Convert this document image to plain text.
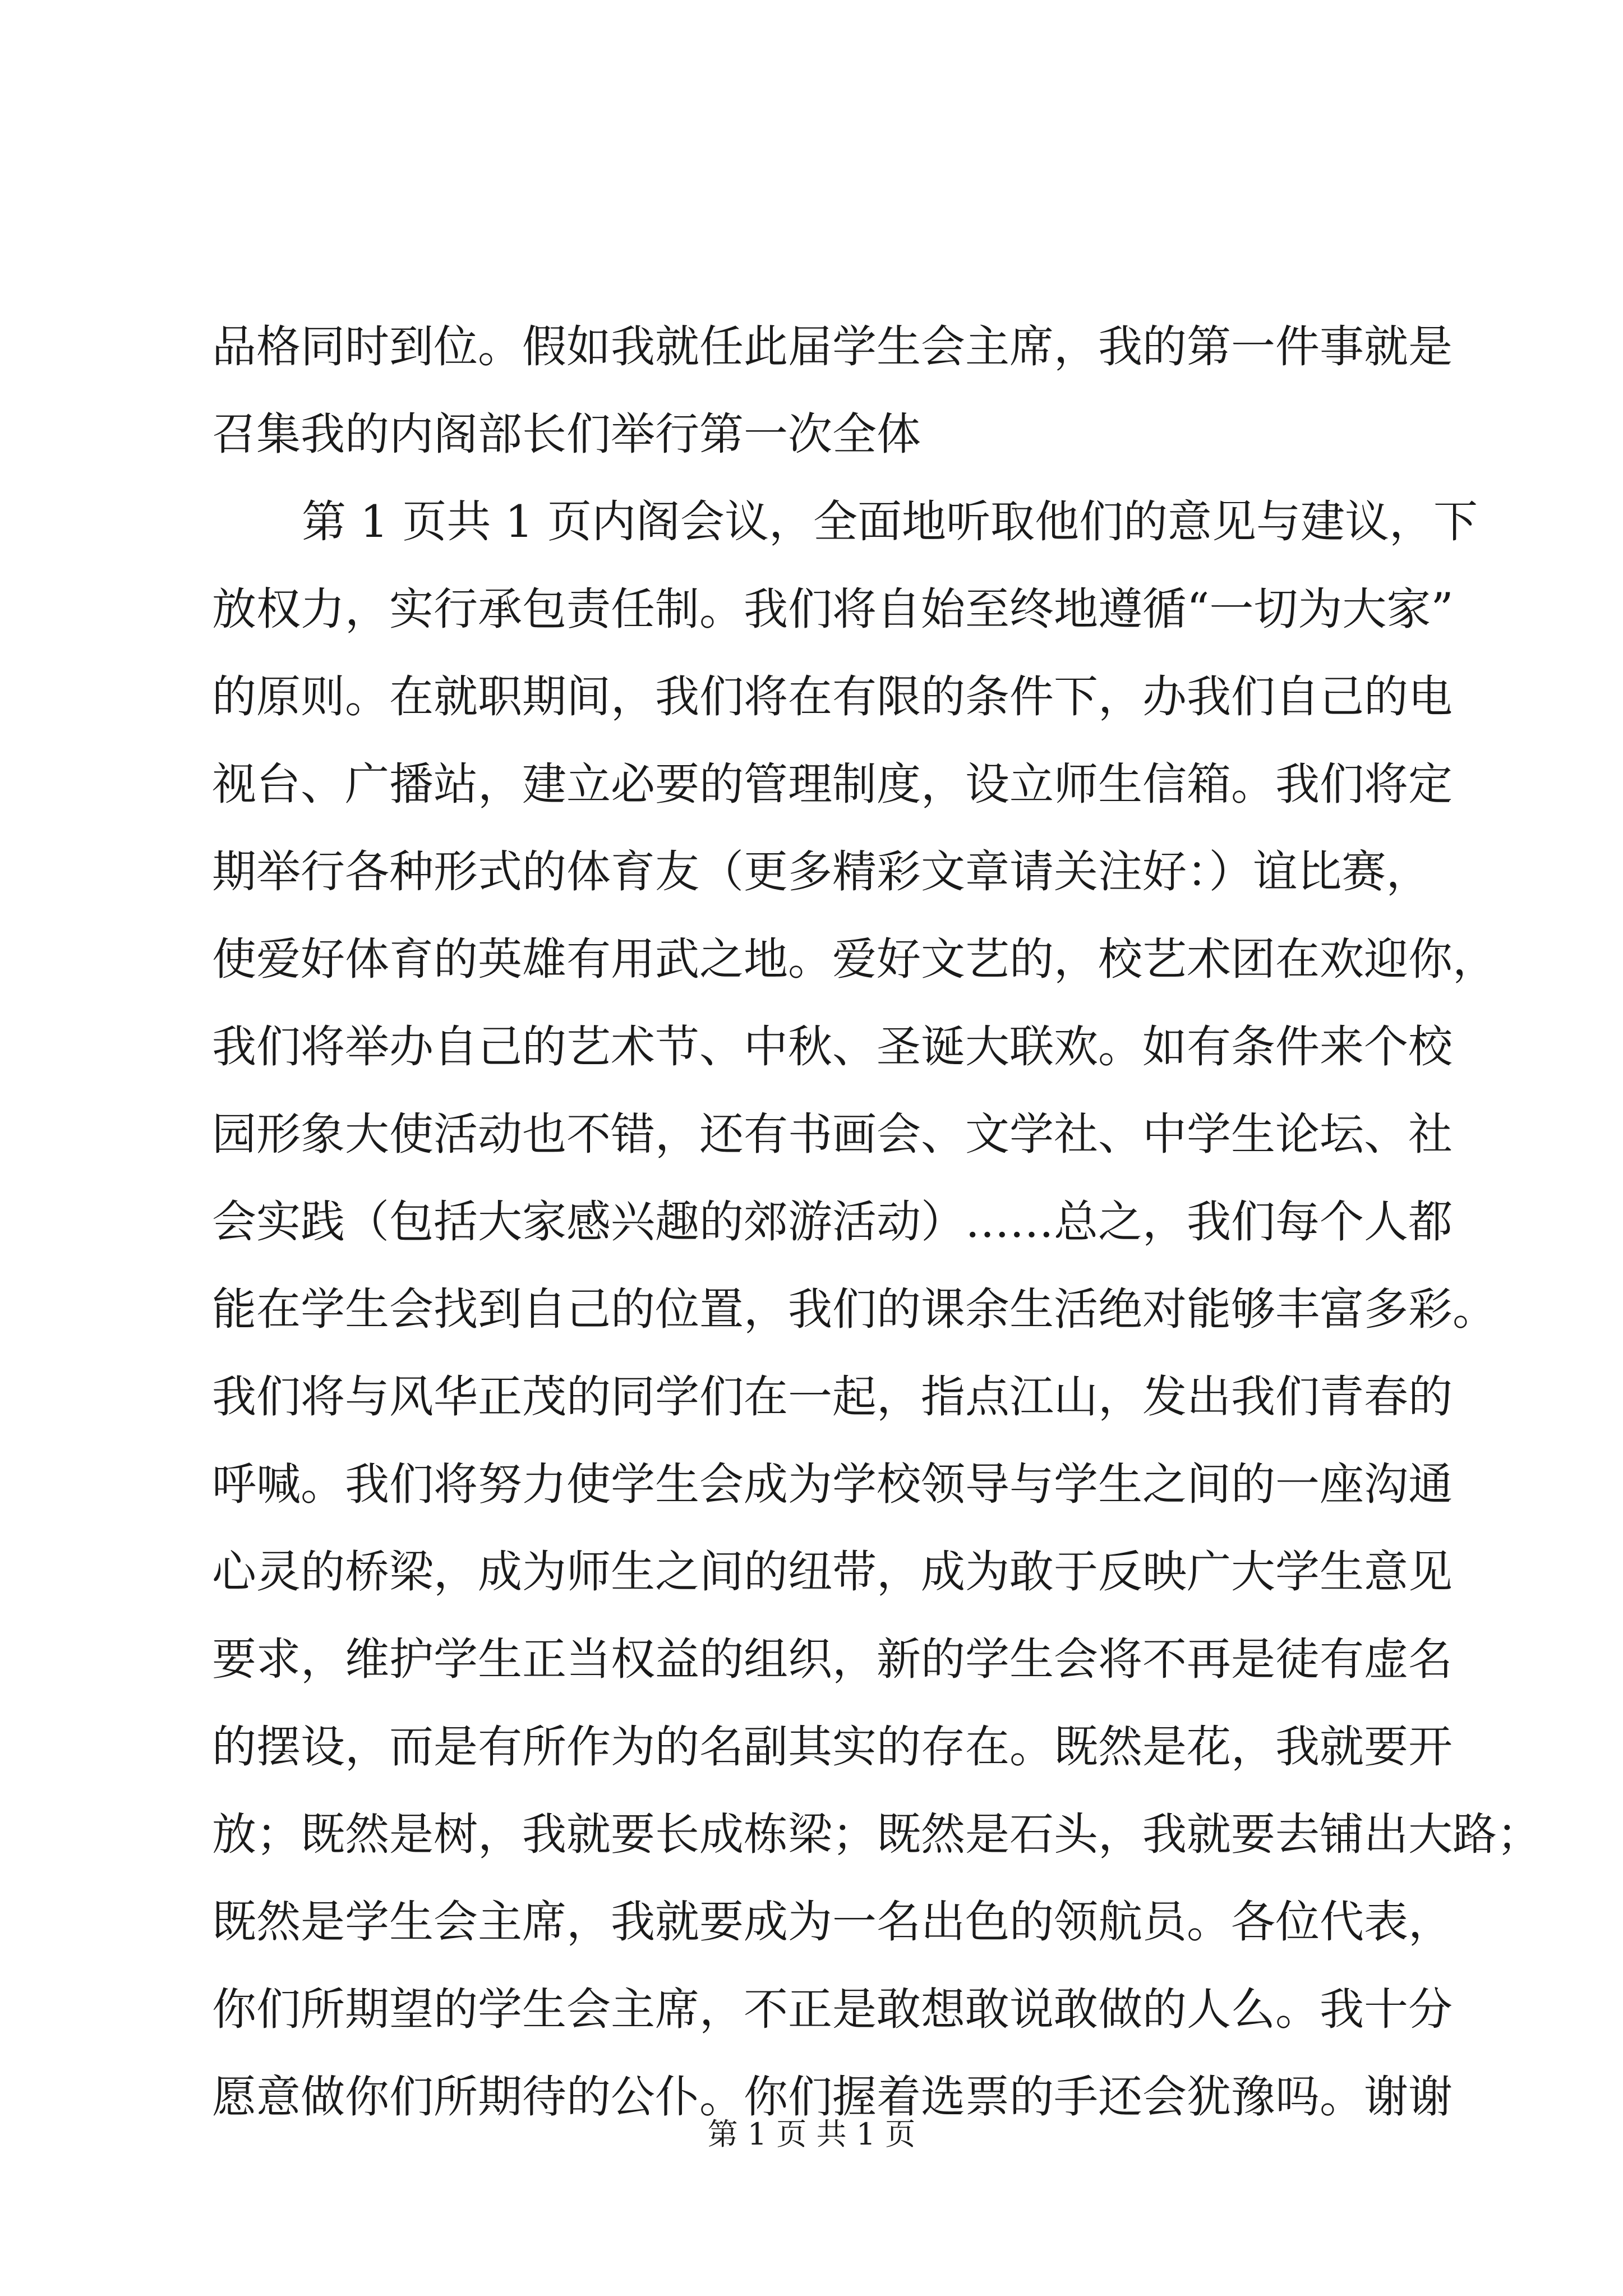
品格同时到位。假如我就任此届学生会主席，我的第一件事就是
召集我的内阁部长们举行第一次全体
第 1 页共 1 页内阁会议，全面地听取他们的意见与建议，下
放权力，实行承包责任制。我们将自始至终地遵循“一切为大家”
的原则。在就职期间，我们将在有限的条件下，办我们自己的电
视台、广播站，建立必要的管理制度，设立师生信箱。我们将定
期举行各种形式的体育友（更多精彩文章请关注好：）谊比赛，
使爱好体育的英雄有用武之地。爱好文艺的，校艺术团在欢迎你，
我们将举办自己的艺术节、中秋、圣诞大联欢。如有条件来个校
园形象大使活动也不错，还有书画会、文学社、中学生论坛、社
会实践（包括大家感兴趣的郊游活动）……总之，我们每个人都
能在学生会找到自己的位置，我们的课余生活绝对能够丰富多彩。
我们将与风华正茂的同学们在一起，指点江山，发出我们青春的
呼喊。我们将努力使学生会成为学校领导与学生之间的一座沟通
心灵的桥梁，成为师生之间的纽带，成为敢于反映广大学生意见
要求，维护学生正当权益的组织，新的学生会将不再是徒有虚名
的摆设，而是有所作为的名副其实的存在。既然是花，我就要开
放；既然是树，我就要长成栋梁；既然是石头，我就要去铺出大路；
既然是学生会主席，我就要成为一名出色的领航员。各位代表，
你们所期望的学生会主席，不正是敢想敢说敢做的人么。我十分
愿意做你们所期待的公仆。你们握着选票的手还会犹豫吗。谢谢
第 1 页 共 1 页
